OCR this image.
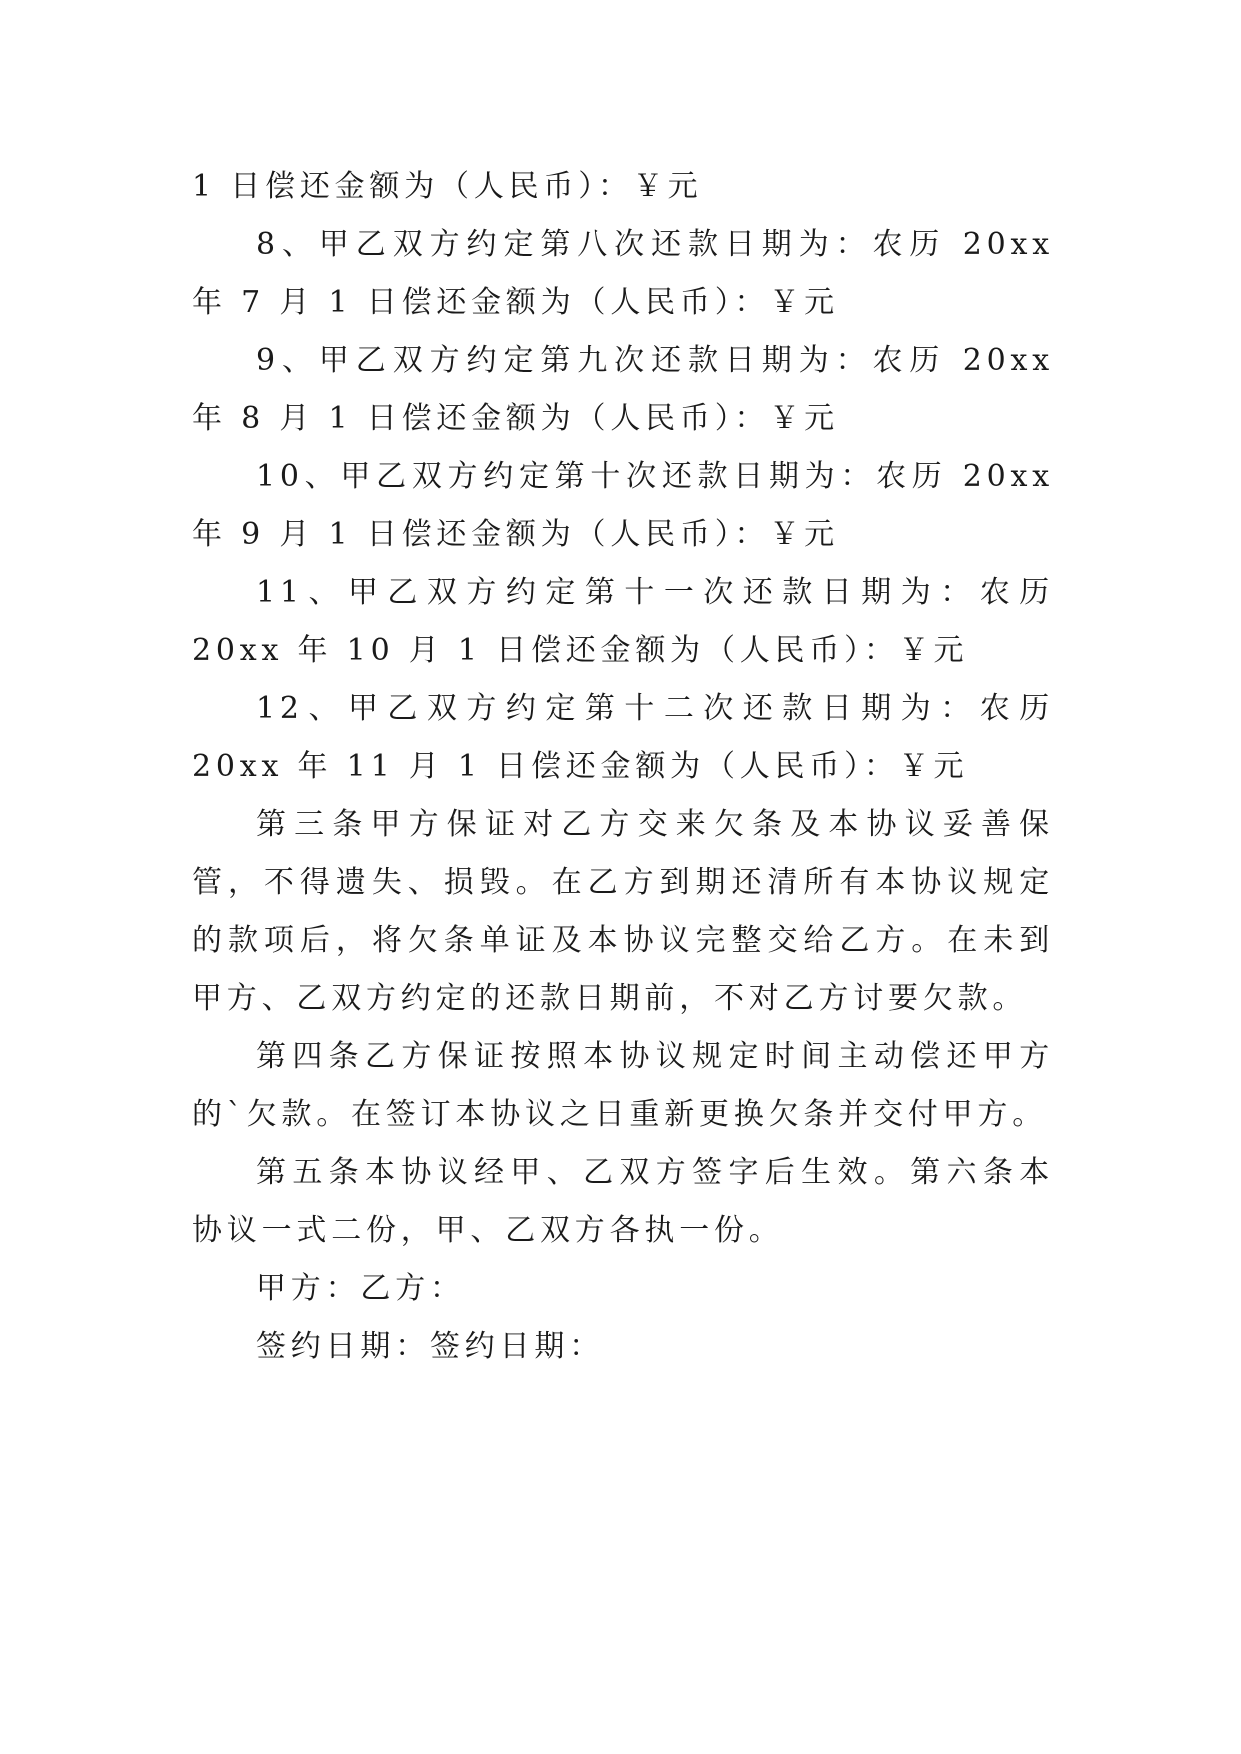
1 日偿还金额为（人民币）：￥元

8、甲乙双方约定第八次还款日期为：农历 20xx 年 7 月 1 日偿还金额为（人民币）：￥元

9、甲乙双方约定第九次还款日期为：农历 20xx 年 8 月 1 日偿还金额为（人民币）：￥元

10、甲乙双方约定第十次还款日期为：农历 20xx 年 9 月 1 日偿还金额为（人民币）：￥元

11、甲乙双方约定第十一次还款日期为：农历 20xx 年 10 月 1 日偿还金额为（人民币）：￥元

12、甲乙双方约定第十二次还款日期为：农历 20xx 年 11 月 1 日偿还金额为（人民币）：￥元

第三条甲方保证对乙方交来欠条及本协议妥善保管，不得遗失、损毁。在乙方到期还清所有本协议规定的款项后，将欠条单证及本协议完整交给乙方。在未到甲方、乙双方约定的还款日期前，不对乙方讨要欠款。

第四条乙方保证按照本协议规定时间主动偿还甲方的`欠款。在签订本协议之日重新更换欠条并交付甲方。

第五条本协议经甲、乙双方签字后生效。第六条本协议一式二份，甲、乙双方各执一份。

甲方：乙方：

签约日期：签约日期：
